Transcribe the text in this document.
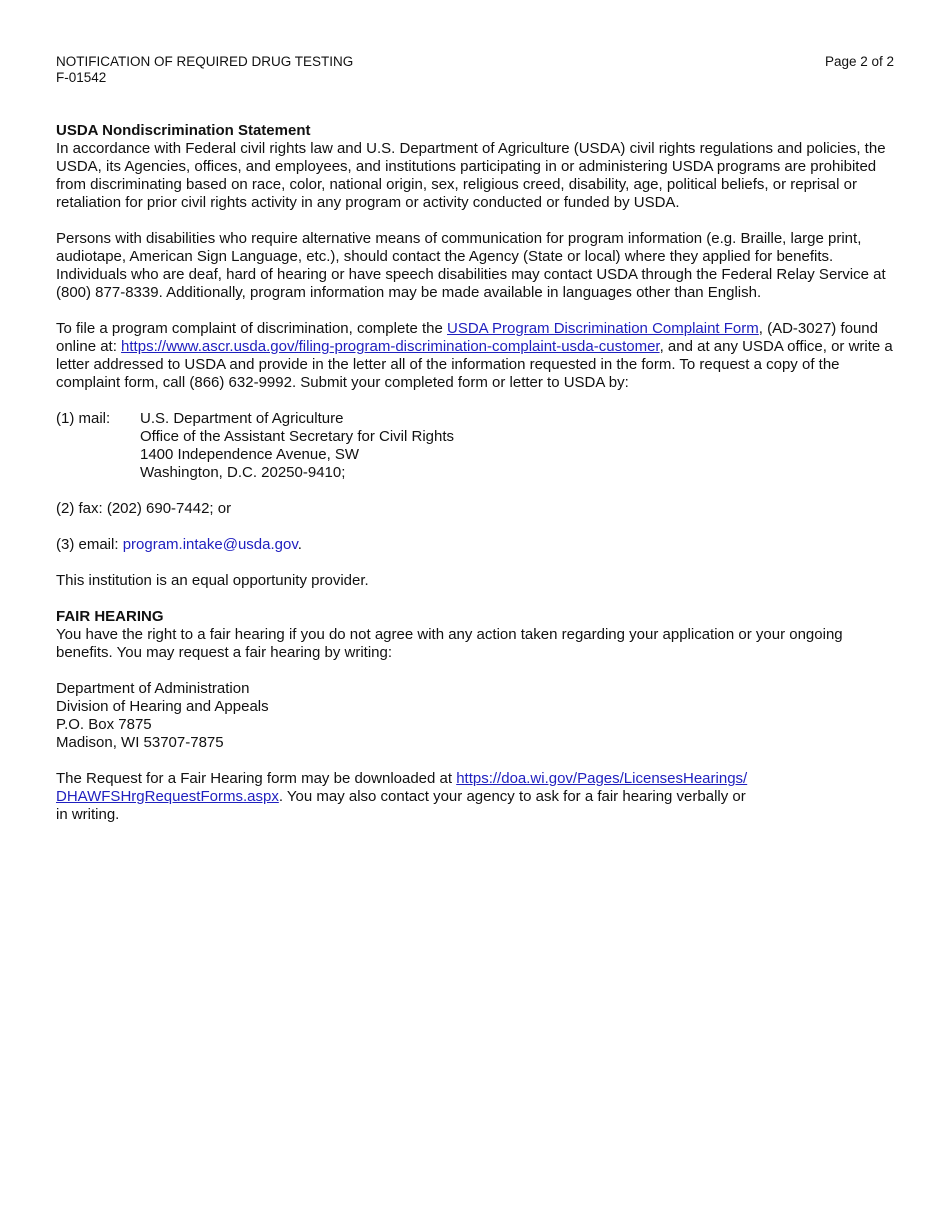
NOTIFICATION OF REQUIRED DRUG TESTING
F-01542
Page 2 of 2
USDA Nondiscrimination Statement

In accordance with Federal civil rights law and U.S. Department of Agriculture (USDA) civil rights regulations and policies, the USDA, its Agencies, offices, and employees, and institutions participating in or administering USDA programs are prohibited from discriminating based on race, color, national origin, sex, religious creed, disability, age, political beliefs, or reprisal or retaliation for prior civil rights activity in any program or activity conducted or funded by USDA.

Persons with disabilities who require alternative means of communication for program information (e.g. Braille, large print, audiotape, American Sign Language, etc.), should contact the Agency (State or local) where they applied for benefits. Individuals who are deaf, hard of hearing or have speech disabilities may contact USDA through the Federal Relay Service at (800) 877-8339. Additionally, program information may be made available in languages other than English.

To file a program complaint of discrimination, complete the USDA Program Discrimination Complaint Form, (AD-3027) found online at: https://www.ascr.usda.gov/filing-program-discrimination-complaint-usda-customer, and at any USDA office, or write a letter addressed to USDA and provide in the letter all of the information requested in the form. To request a copy of the complaint form, call (866) 632-9992. Submit your completed form or letter to USDA by:

(1) mail: U.S. Department of Agriculture
Office of the Assistant Secretary for Civil Rights
1400 Independence Avenue, SW
Washington, D.C. 20250-9410;
(2) fax: (202) 690-7442; or
(3) email: program.intake@usda.gov.
This institution is an equal opportunity provider.
FAIR HEARING

You have the right to a fair hearing if you do not agree with any action taken regarding your application or your ongoing benefits. You may request a fair hearing by writing:

Department of Administration
Division of Hearing and Appeals
P.O. Box 7875
Madison, WI 53707-7875
The Request for a Fair Hearing form may be downloaded at https://doa.wi.gov/Pages/LicensesHearings/
DHAWFSHrgRequestForms.aspx. You may also contact your agency to ask for a fair hearing verbally or
in writing.
